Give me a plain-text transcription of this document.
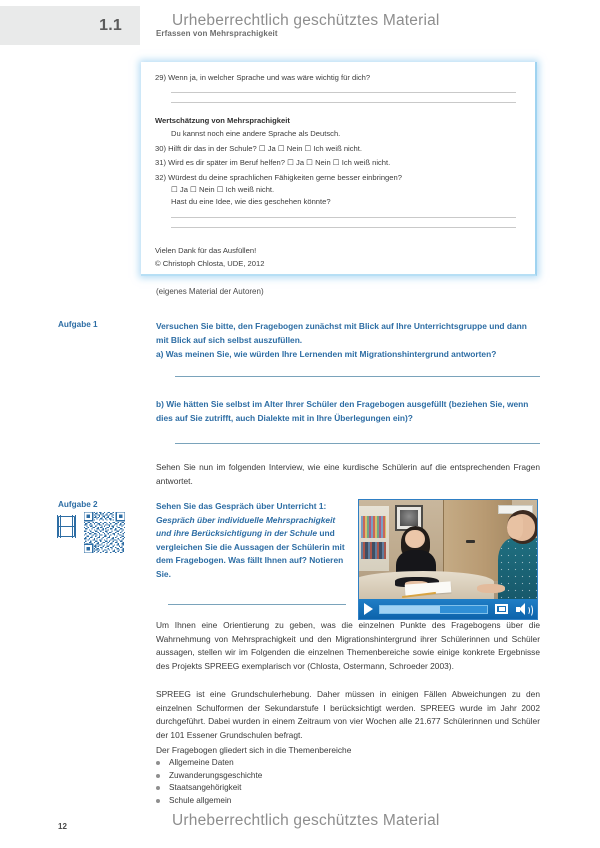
1.1	Erfassen von Mehrsprachigkeit
Urheberrechtlich geschütztes Material
29) Wenn ja, in welcher Sprache und was wäre wichtig für dich?
Wertschätzung von Mehrsprachigkeit
Du kannst noch eine andere Sprache als Deutsch.
30) Hilft dir das in der Schule? ☐ Ja ☐ Nein ☐ Ich weiß nicht.
31) Wird es dir später im Beruf helfen? ☐ Ja ☐ Nein ☐ Ich weiß nicht.
32) Würdest du deine sprachlichen Fähigkeiten gerne besser einbringen?
☐ Ja ☐ Nein ☐ Ich weiß nicht.
Hast du eine Idee, wie dies geschehen könnte?
Vielen Dank für das Ausfüllen!
© Christoph Chlosta, UDE, 2012
(eigenes Material der Autoren)
Aufgabe 1	Versuchen Sie bitte, den Fragebogen zunächst mit Blick auf Ihre Unterrichtsgruppe und dann mit Blick auf sich selbst auszufüllen.
a) Was meinen Sie, wie würden Ihre Lernenden mit Migrationshintergrund antworten?
b) Wie hätten Sie selbst im Alter Ihrer Schüler den Fragebogen ausgefüllt (beziehen Sie, wenn dies auf Sie zutrifft, auch Dialekte mit in Ihre Überlegungen ein)?
Sehen Sie nun im folgenden Interview, wie eine kurdische Schülerin auf die entsprechenden Fragen antwortet.
Aufgabe 2	Sehen Sie das Gespräch über Unterricht 1: Gespräch über individuelle Mehrsprachigkeit und ihre Berücksichtigung in der Schule und vergleichen Sie die Aussagen der Schülerin mit dem Fragebogen. Was fällt Ihnen auf? Notieren Sie.
Um Ihnen eine Orientierung zu geben, was die einzelnen Punkte des Fragebogens über die Wahrnehmung von Mehrsprachigkeit und den Migrationshintergrund ihrer Schülerinnen und Schüler aussagen, stellen wir im Folgenden die einzelnen Themenbereiche sowie einige konkrete Ergebnisse des Projekts SPREEG exemplarisch vor (Chlosta, Ostermann, Schroeder 2003).
SPREEG ist eine Grundschulerhebung. Daher müssen in einigen Fällen Abweichungen zu den einzelnen Schulformen der Sekundarstufe I berücksichtigt werden. SPREEG wurde im Jahr 2002 durchgeführt. Dabei wurden in einem Zeitraum von vier Wochen alle 21.677 Schülerinnen und Schüler der 101 Essener Grundschulen befragt.
Der Fragebogen gliedert sich in die Themenbereiche
Allgemeine Daten
Zuwanderungsgeschichte
Staatsangehörigkeit
Schule allgemein
12	Urheberrechtlich geschütztes Material
